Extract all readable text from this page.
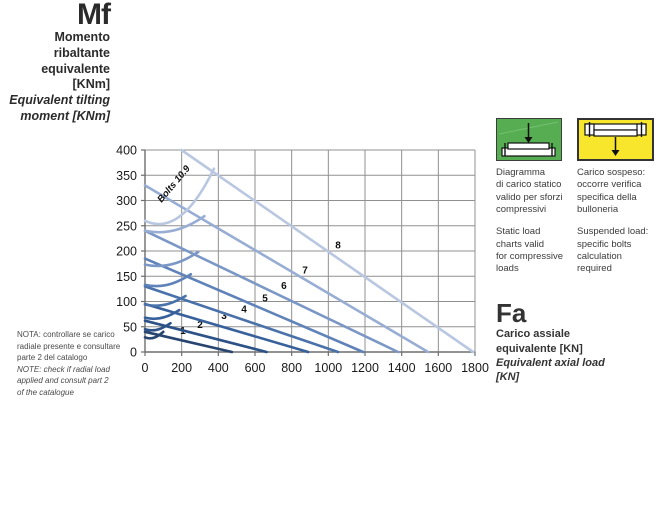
Mf
Momento
ribaltante
equivalente
[KNm]
Equivalent tilting
moment [KNm]
NOTA: controllare se carico
radiale presente e consultare
parte 2 del catalogo
NOTE: check if radial load
applied and consult part 2
of the catalogue
0
50
100
150
200
250
300
350
400
0 200 400 600 800 1000 1200 1400 1600 1800
2
3
4
5
6
7
8
Bolts 10.9	Diagramma
di carico statico
valido per sforzi
compressivi
Static load
charts valid
for compressive
loads
Carico sospeso:
occorre verifica
specifica della
bulloneria
Suspended load:
specific bolts
calculation
required
Fa
Carico assiale
equivalente [KN]
Equivalent axial load
[KN]
